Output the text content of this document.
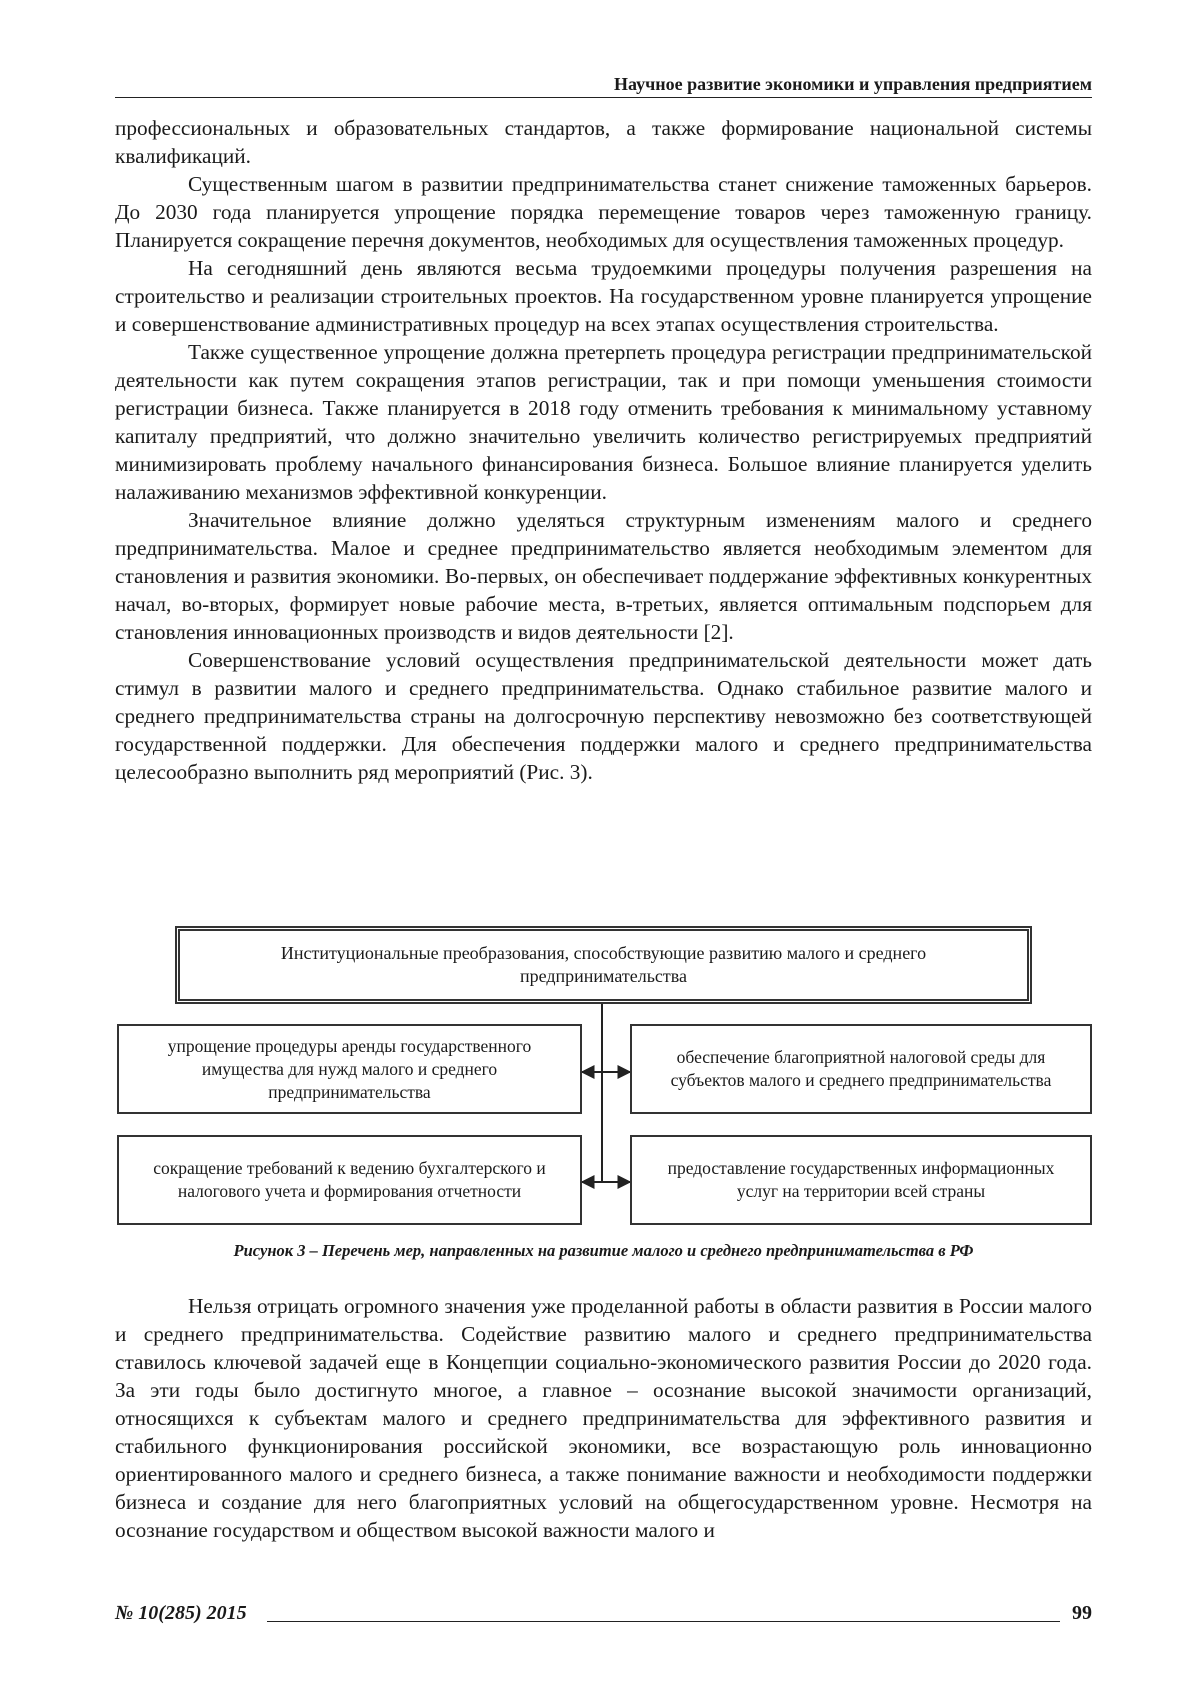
Научное развитие экономики и управления предприятием

профессиональных и образовательных стандартов, а также формирование национальной системы квалификаций.

Существенным шагом в развитии предпринимательства станет снижение таможенных барьеров. До 2030 года планируется упрощение порядка перемещение товаров через таможенную границу. Планируется сокращение перечня документов, необходимых для осуществления таможенных процедур.

На сегодняшний день являются весьма трудоемкими процедуры получения разрешения на строительство и реализации строительных проектов. На государственном уровне планируется упрощение и совершенствование административных процедур на всех этапах осуществления строительства.

Также существенное упрощение должна претерпеть процедура регистрации предпринимательской деятельности как путем сокращения этапов регистрации, так и при помощи уменьшения стоимости регистрации бизнеса. Также планируется в 2018 году отменить требования к минимальному уставному капиталу предприятий, что должно значительно увеличить количество регистрируемых предприятий минимизировать проблему начального финансирования бизнеса. Большое влияние планируется уделить налаживанию механизмов эффективной конкуренции.

Значительное влияние должно уделяться структурным изменениям малого и среднего предпринимательства. Малое и среднее предпринимательство является необходимым элементом для становления и развития экономики. Во-первых, он обеспечивает поддержание эффективных конкурентных начал, во-вторых, формирует новые рабочие места, в-третьих, является оптимальным подспорьем для становления инновационных производств и видов деятельности [2].

Совершенствование условий осуществления предпринимательской деятельности может дать стимул в развитии малого и среднего предпринимательства. Однако стабильное развитие малого и среднего предпринимательства страны на долгосрочную перспективу невозможно без соответствующей государственной поддержки. Для обеспечения поддержки малого и среднего предпринимательства целесообразно выполнить ряд мероприятий (Рис. 3).

Институциональные преобразования, способствующие развитию малого и среднего предпринимательства
упрощение процедуры аренды государственного имущества для нужд малого и среднего предпринимательства
обеспечение благоприятной налоговой среды для субъектов малого и среднего предпринимательства
сокращение требований к ведению бухгалтерского и налогового учета и формирования отчетности
предоставление государственных информационных услуг на территории всей страны
Рисунок 3 – Перечень мер, направленных на развитие малого и среднего предпринимательства в РФ

Нельзя отрицать огромного значения уже проделанной работы в области развития в России малого и среднего предпринимательства. Содействие развитию малого и среднего предпринимательства ставилось ключевой задачей еще в Концепции социально-экономического развития России до 2020 года. За эти годы было достигнуто многое, а главное – осознание высокой значимости организаций, относящихся к субъектам малого и среднего предпринимательства для эффективного развития и стабильного функционирования российской экономики, все возрастающую роль инновационно ориентированного малого и среднего бизнеса, а также понимание важности и необходимости поддержки бизнеса и создание для него благоприятных условий на общегосударственном уровне. Несмотря на осознание государством и обществом высокой важности малого и

№ 10(285) 2015	99
